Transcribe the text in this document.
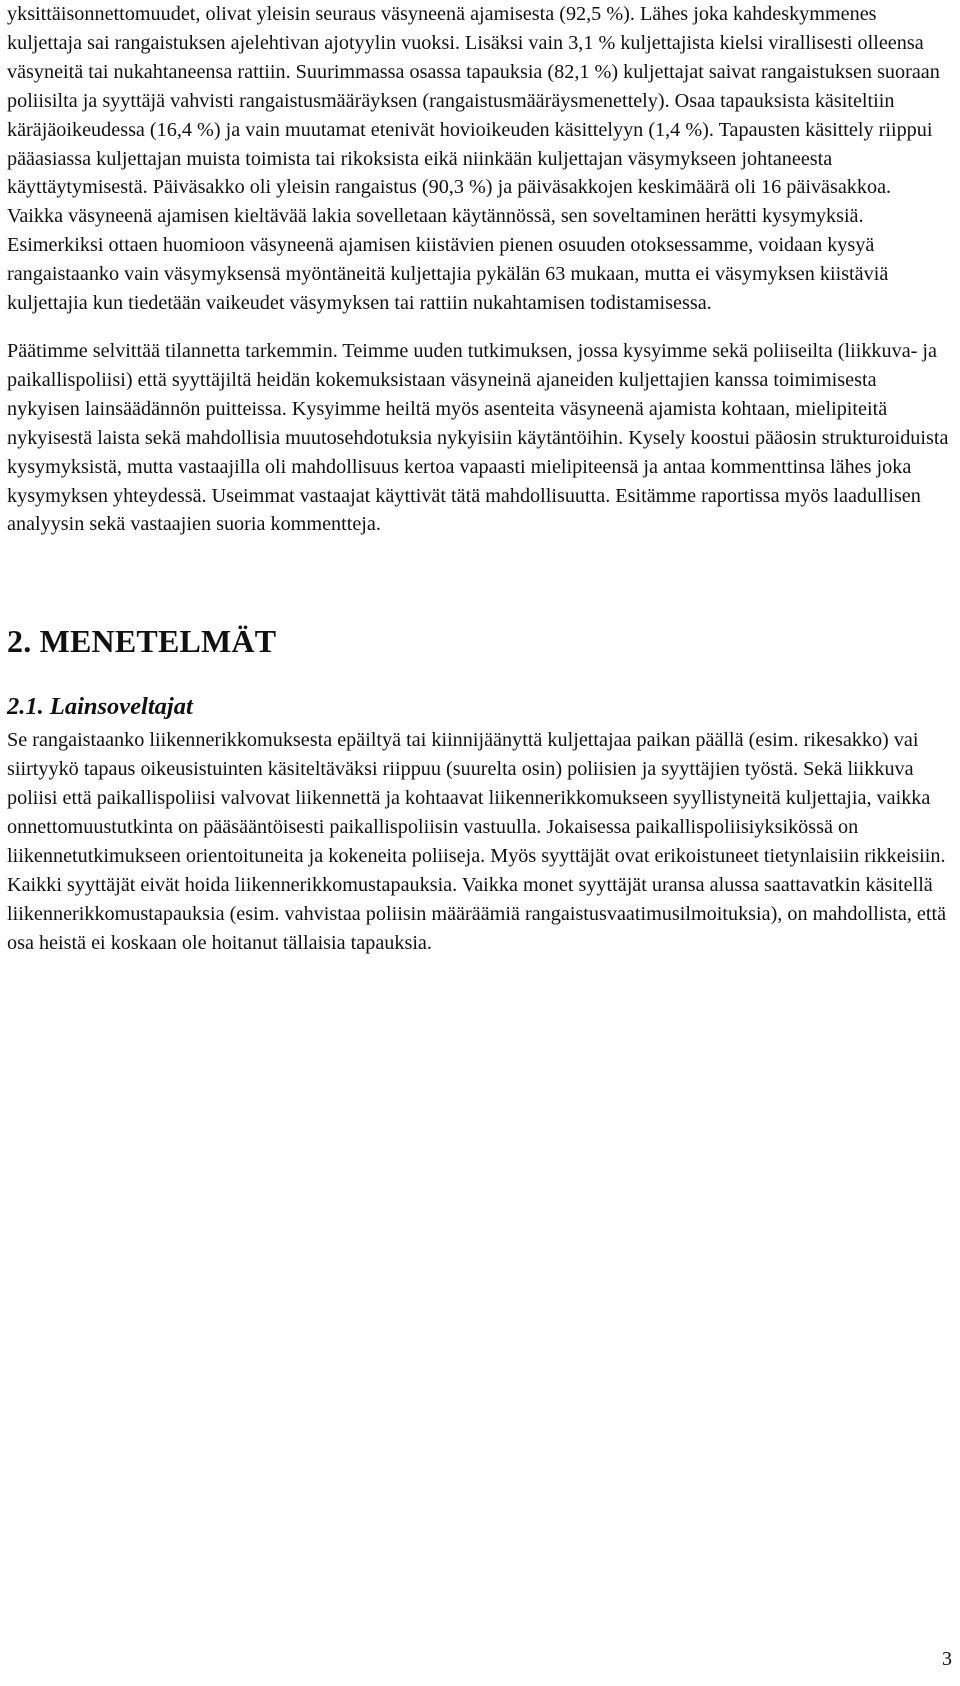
yksittäisonnettomuudet, olivat yleisin seuraus väsyneenä ajamisesta (92,5 %). Lähes joka kahdeskymmenes kuljettaja sai rangaistuksen ajelehtivan ajotyylin vuoksi. Lisäksi vain 3,1 % kuljettajista kielsi virallisesti olleensa väsyneitä tai nukahtaneensa rattiin. Suurimmassa osassa tapauksia (82,1 %) kuljettajat saivat rangaistuksen suoraan poliisilta ja syyttäjä vahvisti rangaistusmääräyksen (rangaistusmääräysmenettely). Osaa tapauksista käsiteltiin käräjäoikeudessa (16,4 %) ja vain muutamat etenivät hovioikeuden käsittelyyn (1,4 %). Tapausten käsittely riippui pääasiassa kuljettajan muista toimista tai rikoksista eikä niinkään kuljettajan väsymykseen johtaneesta käyttäytymisestä. Päiväsakko oli yleisin rangaistus (90,3 %) ja päiväsakkojen keskimäärä oli 16 päiväsakkoa. Vaikka väsyneenä ajamisen kieltävää lakia sovelletaan käytännössä, sen soveltaminen herätti kysymyksiä. Esimerkiksi ottaen huomioon väsyneenä ajamisen kiistävien pienen osuuden otoksessamme, voidaan kysyä rangaistaanko vain väsymyksensä myöntäneitä kuljettajia pykälän 63 mukaan, mutta ei väsymyksen kiistäviä kuljettajia kun tiedetään vaikeudet väsymyksen tai rattiin nukahtamisen todistamisessa.

Päätimme selvittää tilannetta tarkemmin. Teimme uuden tutkimuksen, jossa kysyimme sekä poliiseilta (liikkuva- ja paikallispoliisi) että syyttäjiltä heidän kokemuksistaan väsyneinä ajaneiden kuljettajien kanssa toimimisesta nykyisen lainsäädännön puitteissa. Kysyimme heiltä myös asenteita väsyneenä ajamista kohtaan, mielipiteitä nykyisestä laista sekä mahdollisia muutosehdotuksia nykyisiin käytäntöihin. Kysely koostui pääosin strukturoiduista kysymyksistä, mutta vastaajilla oli mahdollisuus kertoa vapaasti mielipiteensä ja antaa kommenttinsa lähes joka kysymyksen yhteydessä. Useimmat vastaajat käyttivät tätä mahdollisuutta. Esitämme raportissa myös laadullisen analyysin sekä vastaajien suoria kommentteja.

2. MENETELMÄT
2.1. Lainsoveltajat

Se rangaistaanko liikennerikkomuksesta epäiltyä tai kiinnijäänyttä kuljettajaa paikan päällä (esim. rikesakko) vai siirtyykö tapaus oikeusistuinten käsiteltäväksi riippuu (suurelta osin) poliisien ja syyttäjien työstä. Sekä liikkuva poliisi että paikallispoliisi valvovat liikennettä ja kohtaavat liikennerikkomukseen syyllistyneitä kuljettajia, vaikka onnettomuustutkinta on pääsääntöisesti paikallispoliisin vastuulla. Jokaisessa paikallispoliisiyksikössä on liikennetutkimukseen orientoituneita ja kokeneita poliiseja. Myös syyttäjät ovat erikoistuneet tietynlaisiin rikkeisiin. Kaikki syyttäjät eivät hoida liikennerikkomustapauksia. Vaikka monet syyttäjät uransa alussa saattavatkin käsitellä liikennerikkomustapauksia (esim. vahvistaa poliisin määräämiä rangaistusvaatimusilmoituksia), on mahdollista, että osa heistä ei koskaan ole hoitanut tällaisia tapauksia.

3
